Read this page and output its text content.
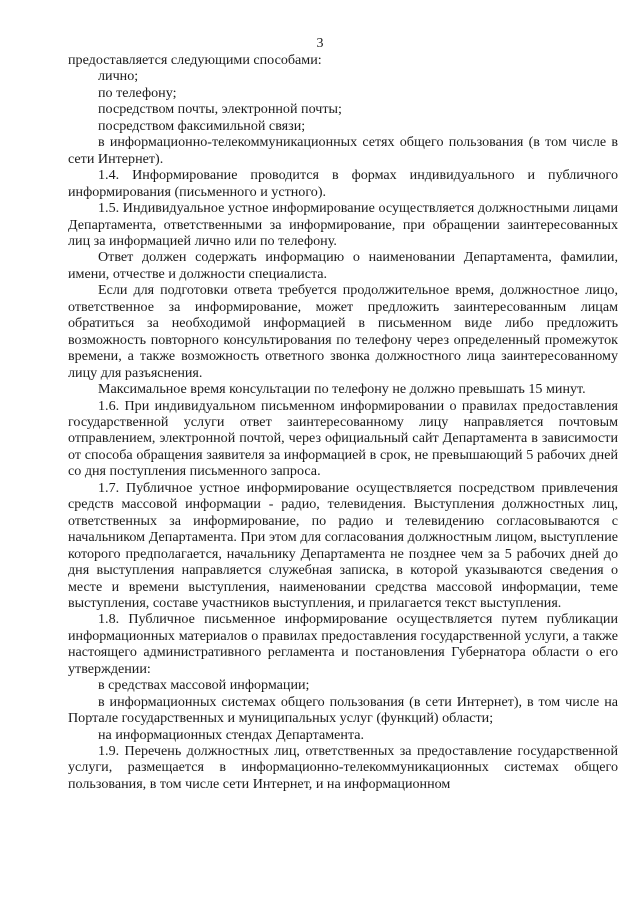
3

предоставляется следующими способами:

лично;

по телефону;

посредством почты, электронной почты;

посредством факсимильной связи;

в информационно-телекоммуникационных сетях общего пользования (в том числе в сети Интернет).

1.4. Информирование проводится в формах индивидуального и публичного информирования (письменного и устного).

1.5. Индивидуальное устное информирование осуществляется должностными лицами Департамента, ответственными за информирование, при обращении заинтересованных лиц за информацией лично или по телефону.

Ответ должен содержать информацию о наименовании Департамента, фамилии, имени, отчестве и должности специалиста.

Если для подготовки ответа требуется продолжительное время, должностное лицо, ответственное за информирование, может предложить заинтересованным лицам обратиться за необходимой информацией в письменном виде либо предложить возможность повторного консультирования по телефону через определенный промежуток времени, а также возможность ответного звонка должностного лица заинтересованному лицу для разъяснения.

Максимальное время консультации по телефону не должно превышать 15 минут.

1.6. При индивидуальном письменном информировании о правилах предоставления государственной услуги ответ заинтересованному лицу направляется почтовым отправлением, электронной почтой, через официальный сайт Департамента в зависимости от способа обращения заявителя за информацией в срок, не превышающий 5 рабочих дней со дня поступления письменного запроса.

1.7. Публичное устное информирование осуществляется посредством привлечения средств массовой информации - радио, телевидения. Выступления должностных лиц, ответственных за информирование, по радио и телевидению согласовываются с начальником Департамента. При этом для согласования должностным лицом, выступление которого предполагается, начальнику Департамента не позднее чем за 5 рабочих дней до дня выступления направляется служебная записка, в которой указываются сведения о месте и времени выступления, наименовании средства массовой информации, теме выступления, составе участников выступления, и прилагается текст выступления.

1.8. Публичное письменное информирование осуществляется путем публикации информационных материалов о правилах предоставления государственной услуги, а также настоящего административного регламента и постановления Губернатора области о его утверждении:

в средствах массовой информации;

в информационных системах общего пользования (в сети Интернет), в том числе на Портале государственных и муниципальных услуг (функций) области;

на информационных стендах Департамента.

1.9. Перечень должностных лиц, ответственных за предоставление государственной услуги, размещается в информационно-телекоммуникационных системах общего пользования, в том числе сети Интернет, и на информационном
